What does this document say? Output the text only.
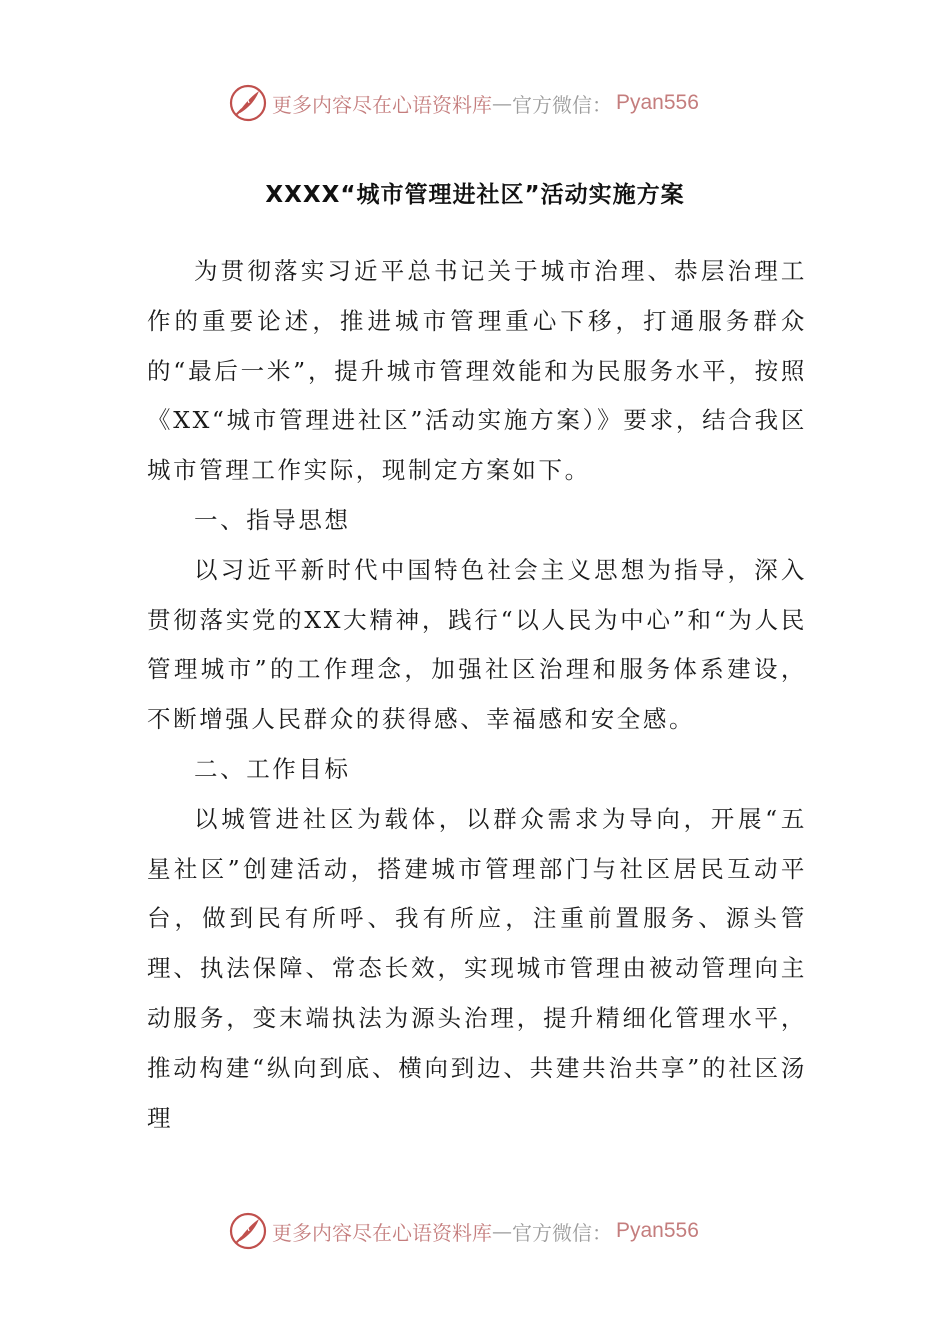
更多内容尽在心语资料库 — 官方微信： Pyan556
XXXX“城市管理进社区”活动实施方案

为贯彻落实习近平总书记关于城市治理、恭层治理工作的重要论述，推进城市管理重心下移，打通服务群众的“最后一米”，提升城市管理效能和为民服务水平，按照《XX“城市管理进社区”活动实施方案）》要求，结合我区城市管理工作实际，现制定方案如下。

一、指导思想

以习近平新时代中国特色社会主义思想为指导，深入贯彻落实党的XX大精神，践行“以人民为中心”和“为人民管理城市”的工作理念，加强社区治理和服务体系建设，不断增强人民群众的获得感、幸福感和安全感。

二、工作目标

以城管进社区为载体，以群众需求为导向，开展“五星社区”创建活动，搭建城市管理部门与社区居民互动平台，做到民有所呼、我有所应，注重前置服务、源头管理、执法保障、常态长效，实现城市管理由被动管理向主动服务，变末端执法为源头治理，提升精细化管理水平，推动构建“纵向到底、横向到边、共建共治共享”的社区汤理

更多内容尽在心语资料库 — 官方微信： Pyan556
